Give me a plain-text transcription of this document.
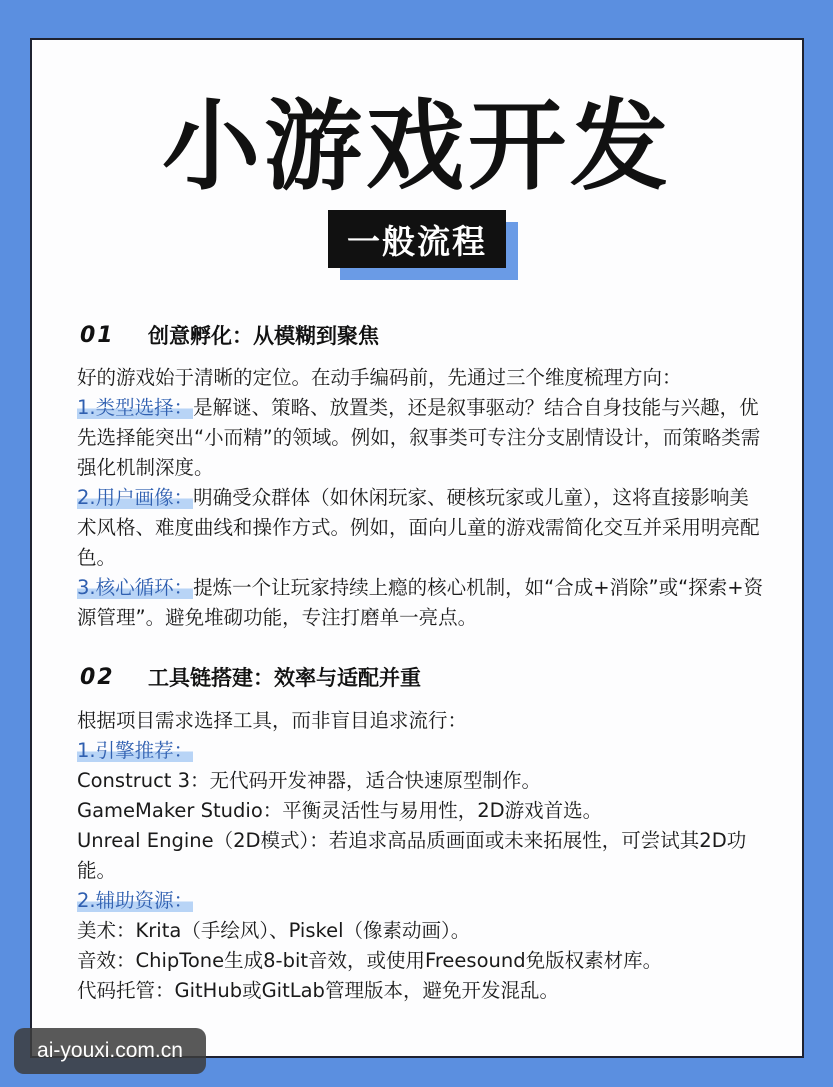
小游戏开发
一般流程
01	创意孵化：从模糊到聚焦

好的游戏始于清晰的定位。在动手编码前，先通过三个维度梳理方向：

1.类型选择：是解谜、策略、放置类，还是叙事驱动？结合自身技能与兴趣，优先选择能突出“小而精”的领域。例如，叙事类可专注分支剧情设计，而策略类需强化机制深度。

2.用户画像：明确受众群体（如休闲玩家、硬核玩家或儿童），这将直接影响美术风格、难度曲线和操作方式。例如，面向儿童的游戏需简化交互并采用明亮配色。

3.核心循环：提炼一个让玩家持续上瘾的核心机制，如“合成+消除”或“探索+资源管理”。避免堆砌功能，专注打磨单一亮点。

02	工具链搭建：效率与适配并重

根据项目需求选择工具，而非盲目追求流行：

1.引擎推荐：

Construct 3：无代码开发神器，适合快速原型制作。

GameMaker Studio：平衡灵活性与易用性，2D游戏首选。

Unreal Engine（2D模式）：若追求高品质画面或未来拓展性，可尝试其2D功能。

2.辅助资源：

美术：Krita（手绘风）、Piskel（像素动画）。

音效：ChipTone生成8-bit音效，或使用Freesound免版权素材库。

代码托管：GitHub或GitLab管理版本，避免开发混乱。

ai-youxi.com.cn
